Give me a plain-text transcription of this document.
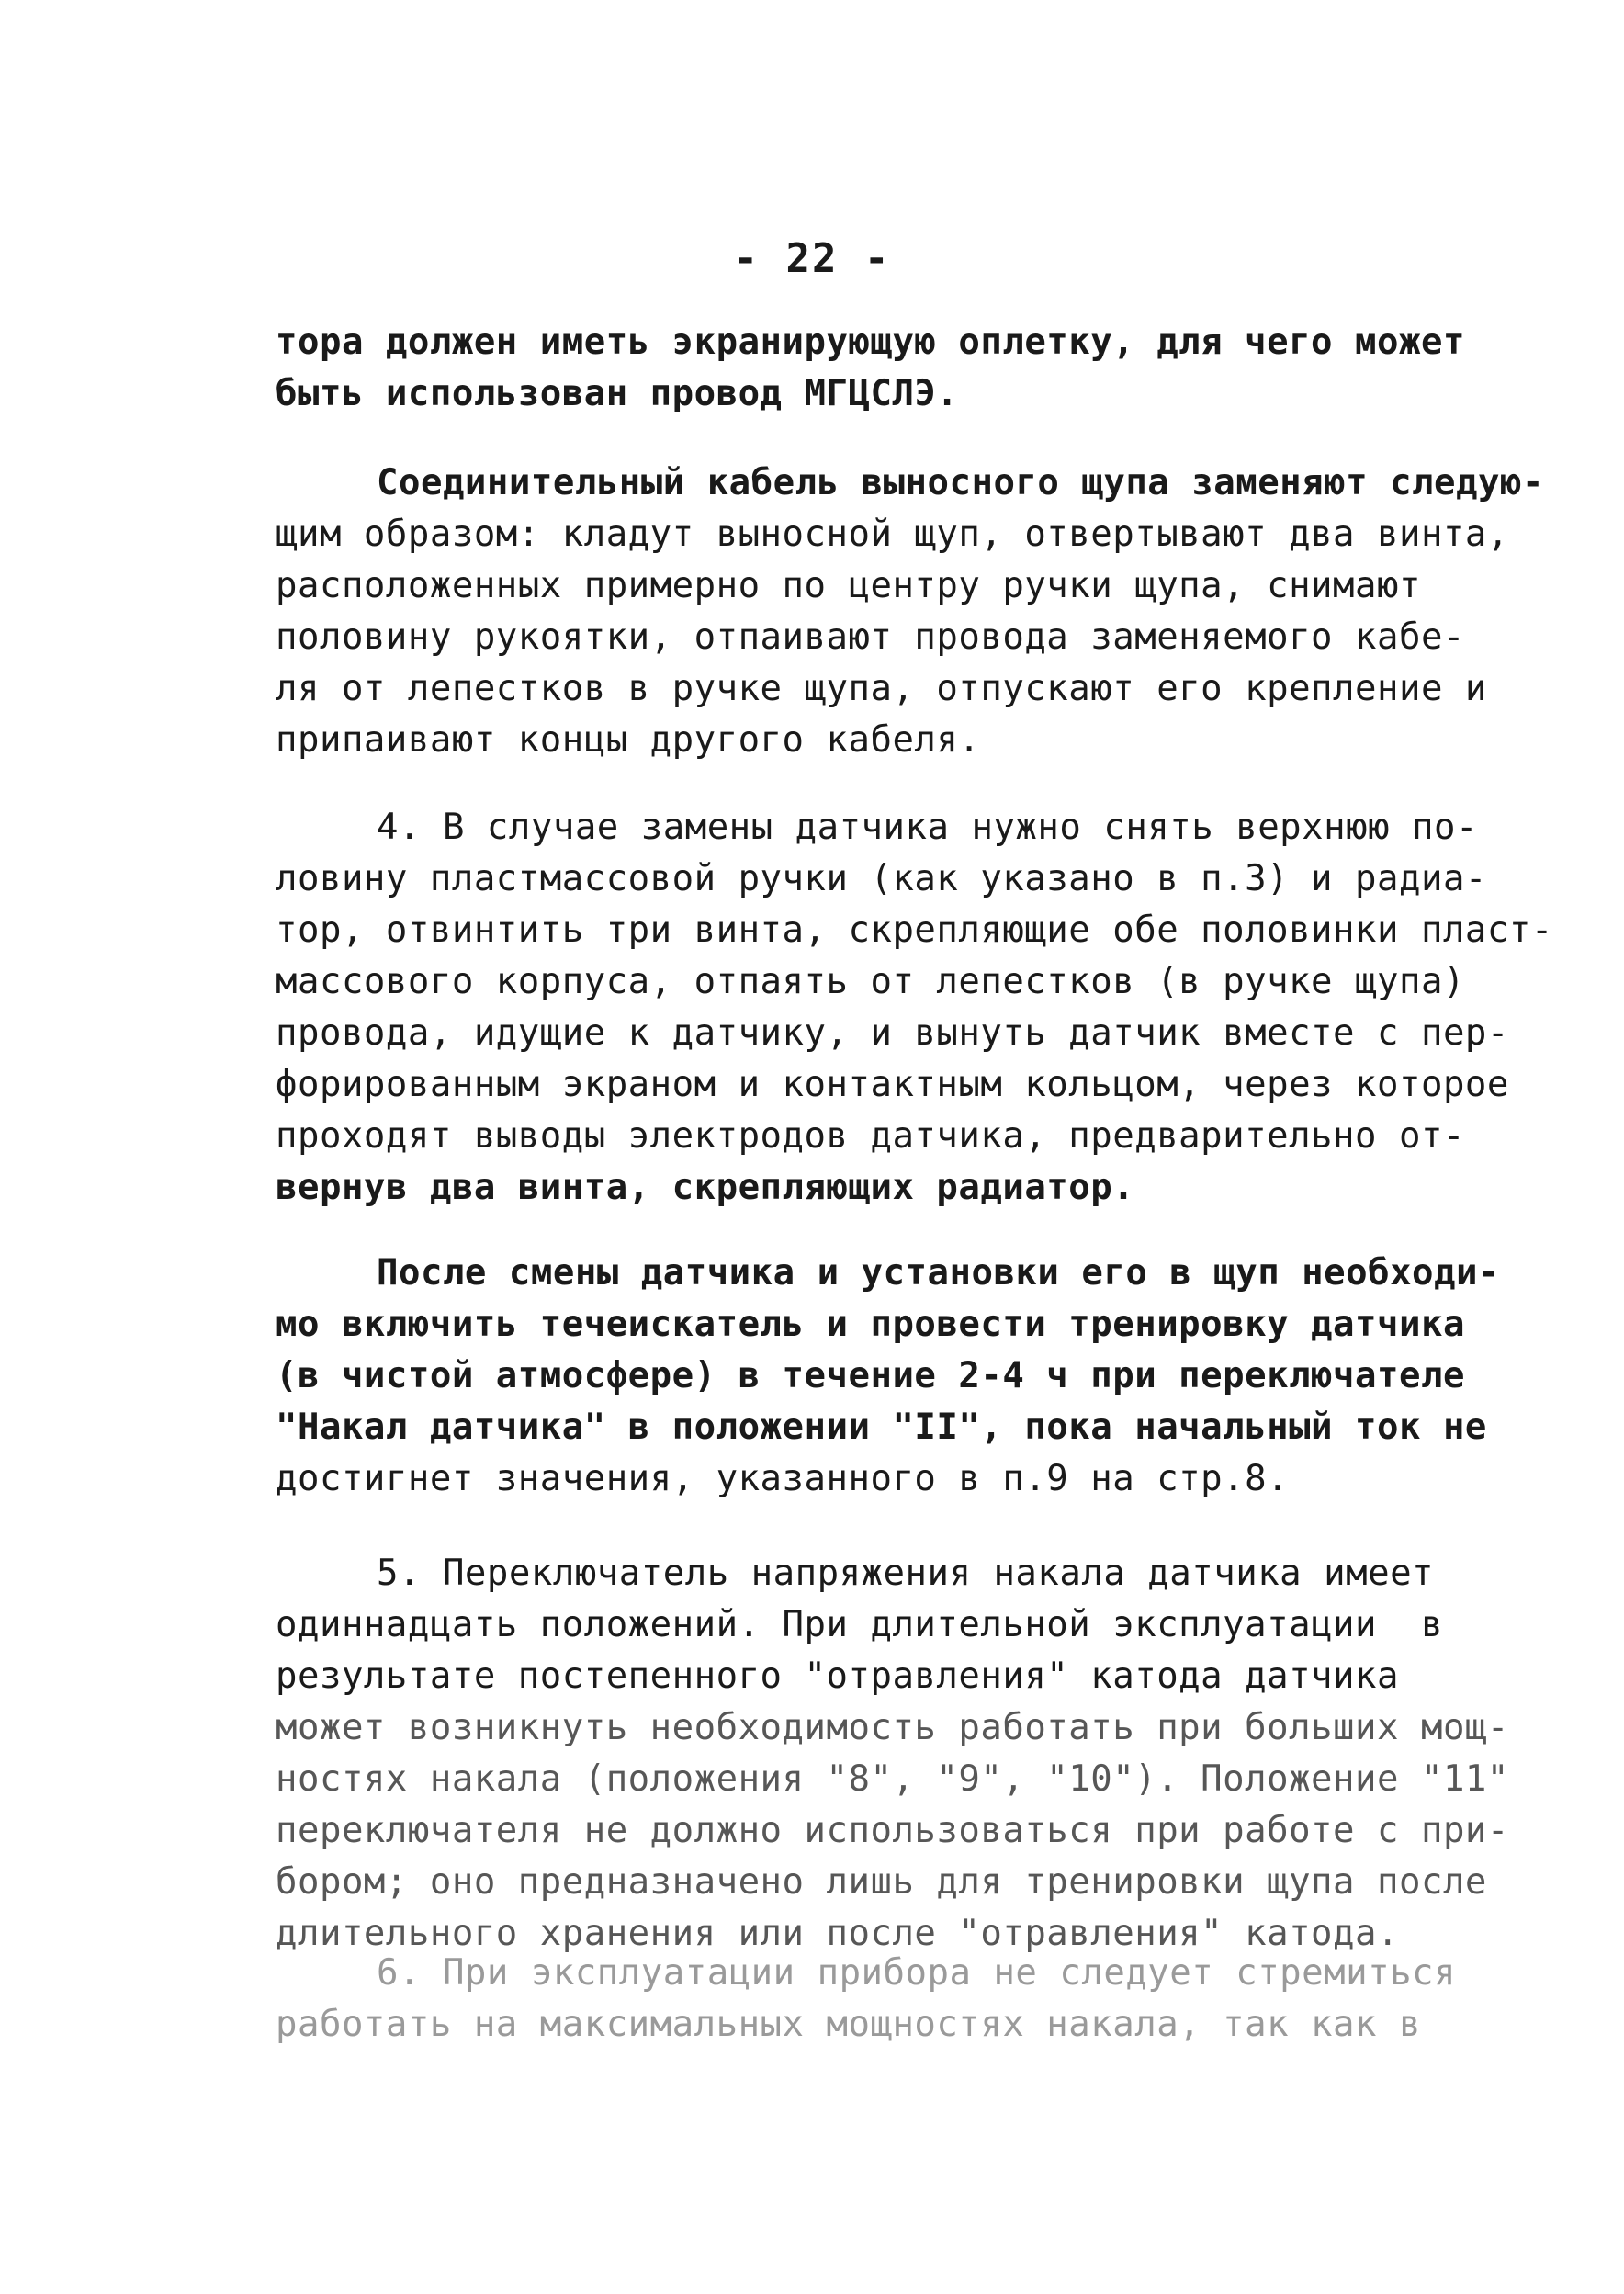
- 22 -
тора должен иметь экранирующую оплетку, для чего может
быть использован провод МГЦСЛЭ.
Соединительный кабель выносного щупа заменяют следую-
щим образом: кладут выносной щуп, отвертывают два винта,
расположенных примерно по центру ручки щупа, снимают
половину рукоятки, отпаивают провода заменяемого кабе-
ля от лепестков в ручке щупа, отпускают его крепление и
припаивают концы другого кабеля.
4. В случае замены датчика нужно снять верхнюю по-
ловину пластмассовой ручки (как указано в п.3) и радиа-
тор, отвинтить три винта, скрепляющие обе половинки пласт-
массового корпуса, отпаять от лепестков (в ручке щупа)
провода, идущие к датчику, и вынуть датчик вместе с пер-
форированным экраном и контактным кольцом, через которое
проходят выводы электродов датчика, предварительно от-
вернув два винта, скрепляющих радиатор.
После смены датчика и установки его в щуп необходи-
мо включить течеискатель и провести тренировку датчика
(в чистой атмосфере) в течение 2-4 ч при переключателе
"Накал датчика" в положении "II", пока начальный ток не
достигнет значения, указанного в п.9 на стр.8.
5. Переключатель напряжения накала датчика имеет
одиннадцать положений. При длительной эксплуатации  в
результате постепенного "отравления" катода датчика
может возникнуть необходимость работать при больших мощ-
ностях накала (положения "8", "9", "10"). Положение "11"
переключателя не должно использоваться при работе с при-
бором; оно предназначено лишь для тренировки щупа после
длительного хранения или после "отравления" катода.
6. При эксплуатации прибора не следует стремиться
работать на максимальных мощностях накала, так как в
